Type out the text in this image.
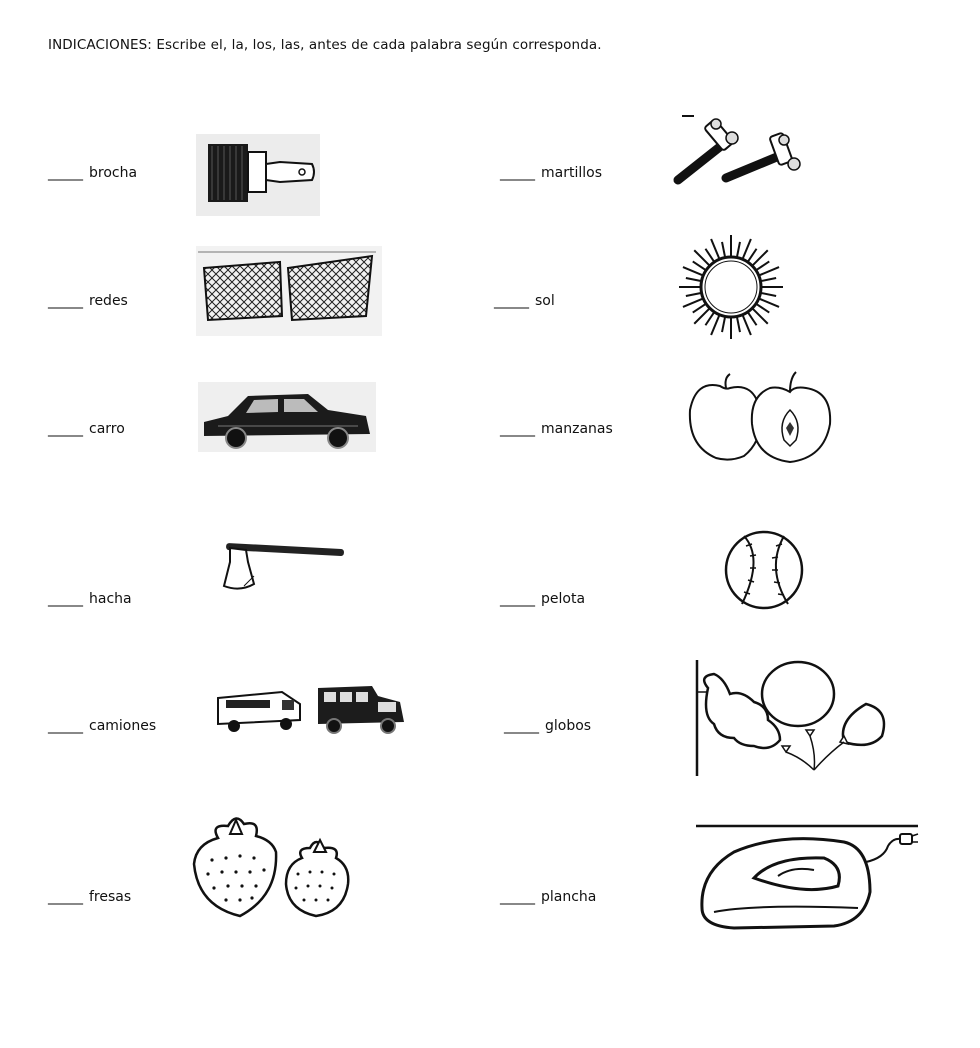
INDICACIONES: Escribe el, la, los, las, antes de cada palabra según corresponda.
_____ brocha
_____ redes
_____ carro
_____ hacha
_____ camiones
_____ fresas
_____ martillos
_____ sol
_____ manzanas
_____ pelota
_____ globos
_____ plancha
